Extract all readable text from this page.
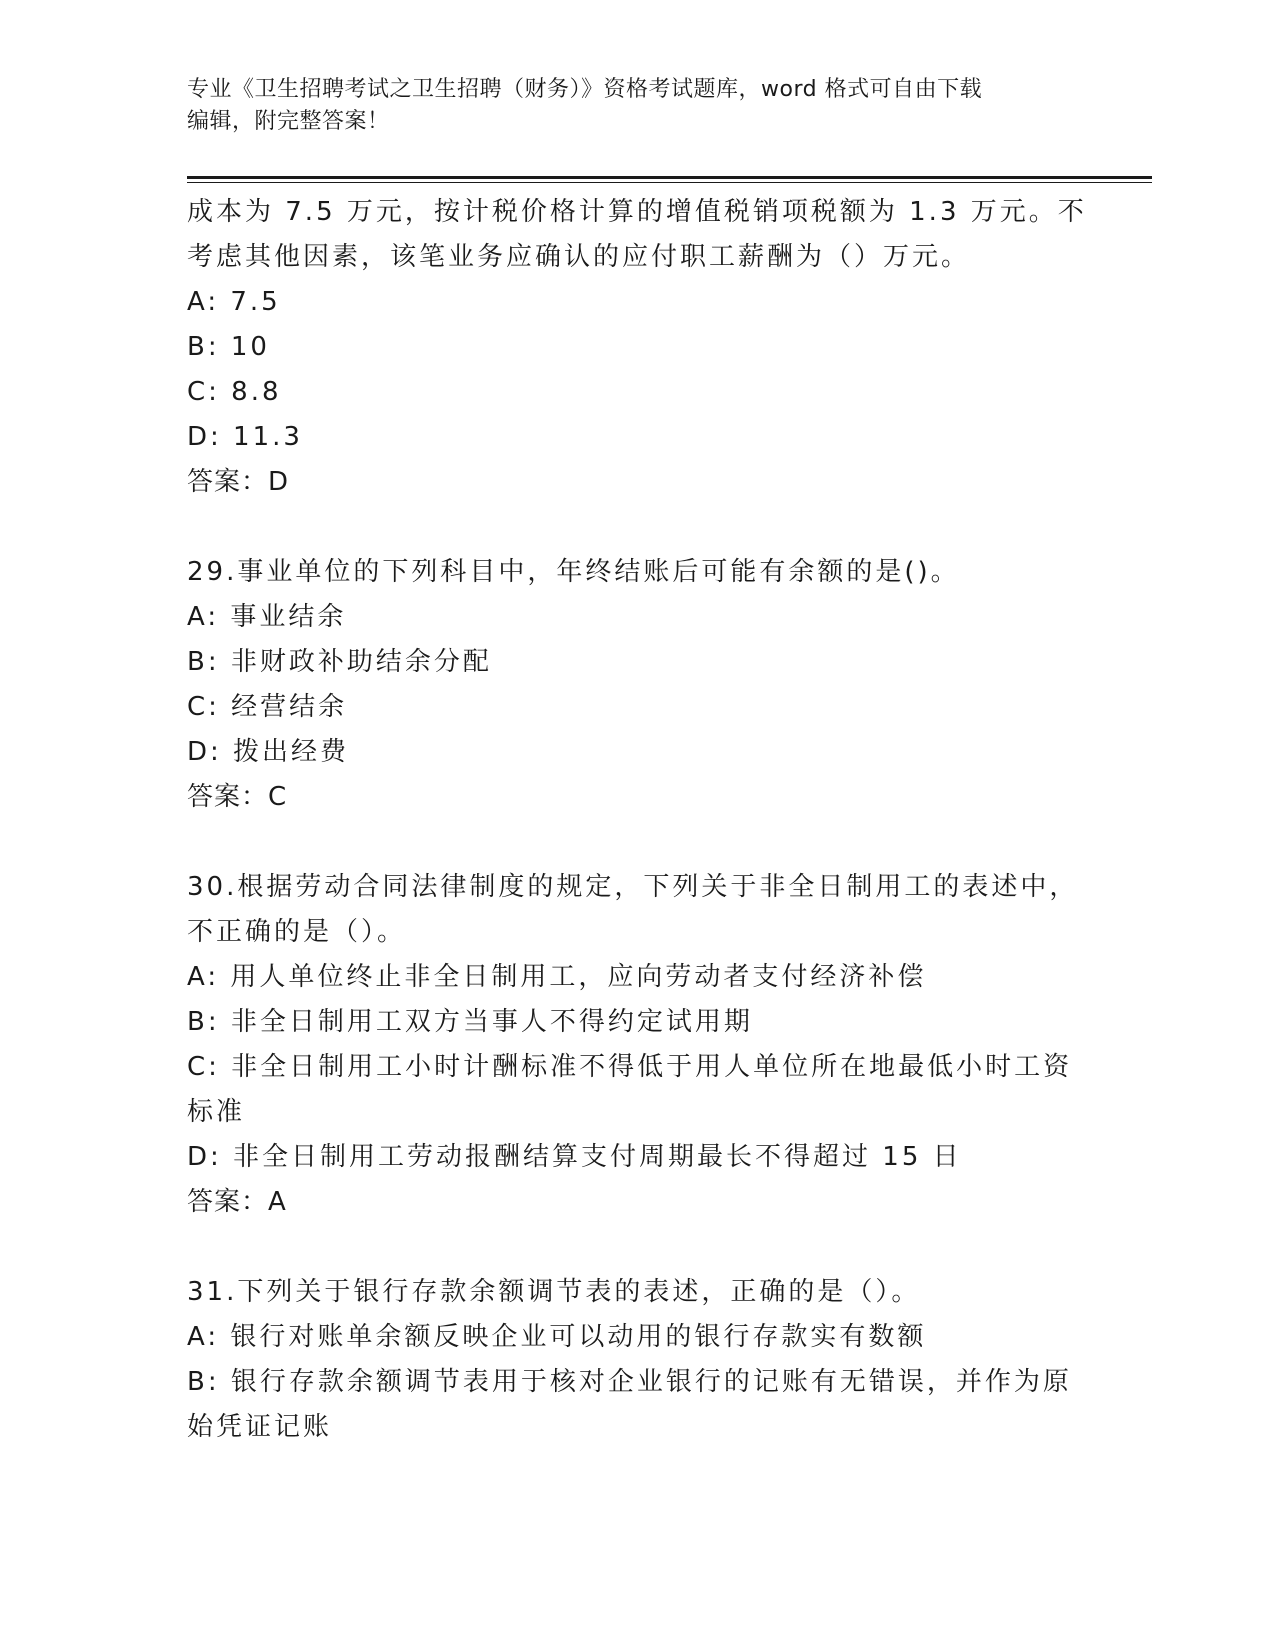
专业《卫生招聘考试之卫生招聘（财务）》资格考试题库，word 格式可自由下载
编辑，附完整答案！
成本为 7.5 万元，按计税价格计算的增值税销项税额为 1.3 万元。不
考虑其他因素，该笔业务应确认的应付职工薪酬为（）万元。
A: 7.5
B: 10
C: 8.8
D: 11.3
答案：D
29.事业单位的下列科目中，年终结账后可能有余额的是()。
A: 事业结余
B: 非财政补助结余分配
C: 经营结余
D: 拨出经费
答案：C
30.根据劳动合同法律制度的规定，下列关于非全日制用工的表述中，
不正确的是（）。
A: 用人单位终止非全日制用工，应向劳动者支付经济补偿
B: 非全日制用工双方当事人不得约定试用期
C: 非全日制用工小时计酬标准不得低于用人单位所在地最低小时工资
标准
D: 非全日制用工劳动报酬结算支付周期最长不得超过 15 日
答案：A
31.下列关于银行存款余额调节表的表述，正确的是（）。
A: 银行对账单余额反映企业可以动用的银行存款实有数额
B: 银行存款余额调节表用于核对企业银行的记账有无错误，并作为原
始凭证记账
